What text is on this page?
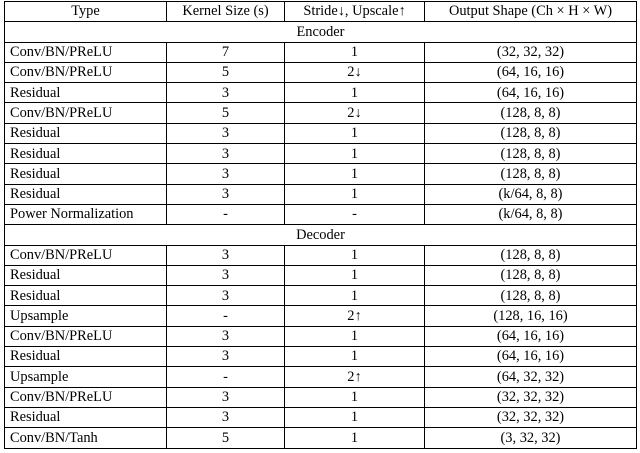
Type	Kernel Size (s)	Stride↓, Upscale↑	Output Shape (Ch × H × W)
Encoder			
Conv/BN/PReLU	7	1	(32, 32, 32)
Conv/BN/PReLU	5	2↓	(64, 16, 16)
Residual	3	1	(64, 16, 16)
Conv/BN/PReLU	5	2↓	(128, 8, 8)
Residual	3	1	(128, 8, 8)
Residual	3	1	(128, 8, 8)
Residual	3	1	(128, 8, 8)
Residual	3	1	(k/64, 8, 8)
Power Normalization	-	-	(k/64, 8, 8)
Decoder			
Conv/BN/PReLU	3	1	(128, 8, 8)
Residual	3	1	(128, 8, 8)
Residual	3	1	(128, 8, 8)
Upsample	-	2↑	(128, 16, 16)
Conv/BN/PReLU	3	1	(64, 16, 16)
Residual	3	1	(64, 16, 16)
Upsample	-	2↑	(64, 32, 32)
Conv/BN/PReLU	3	1	(32, 32, 32)
Residual	3	1	(32, 32, 32)
Conv/BN/Tanh	5	1	(3, 32, 32)
